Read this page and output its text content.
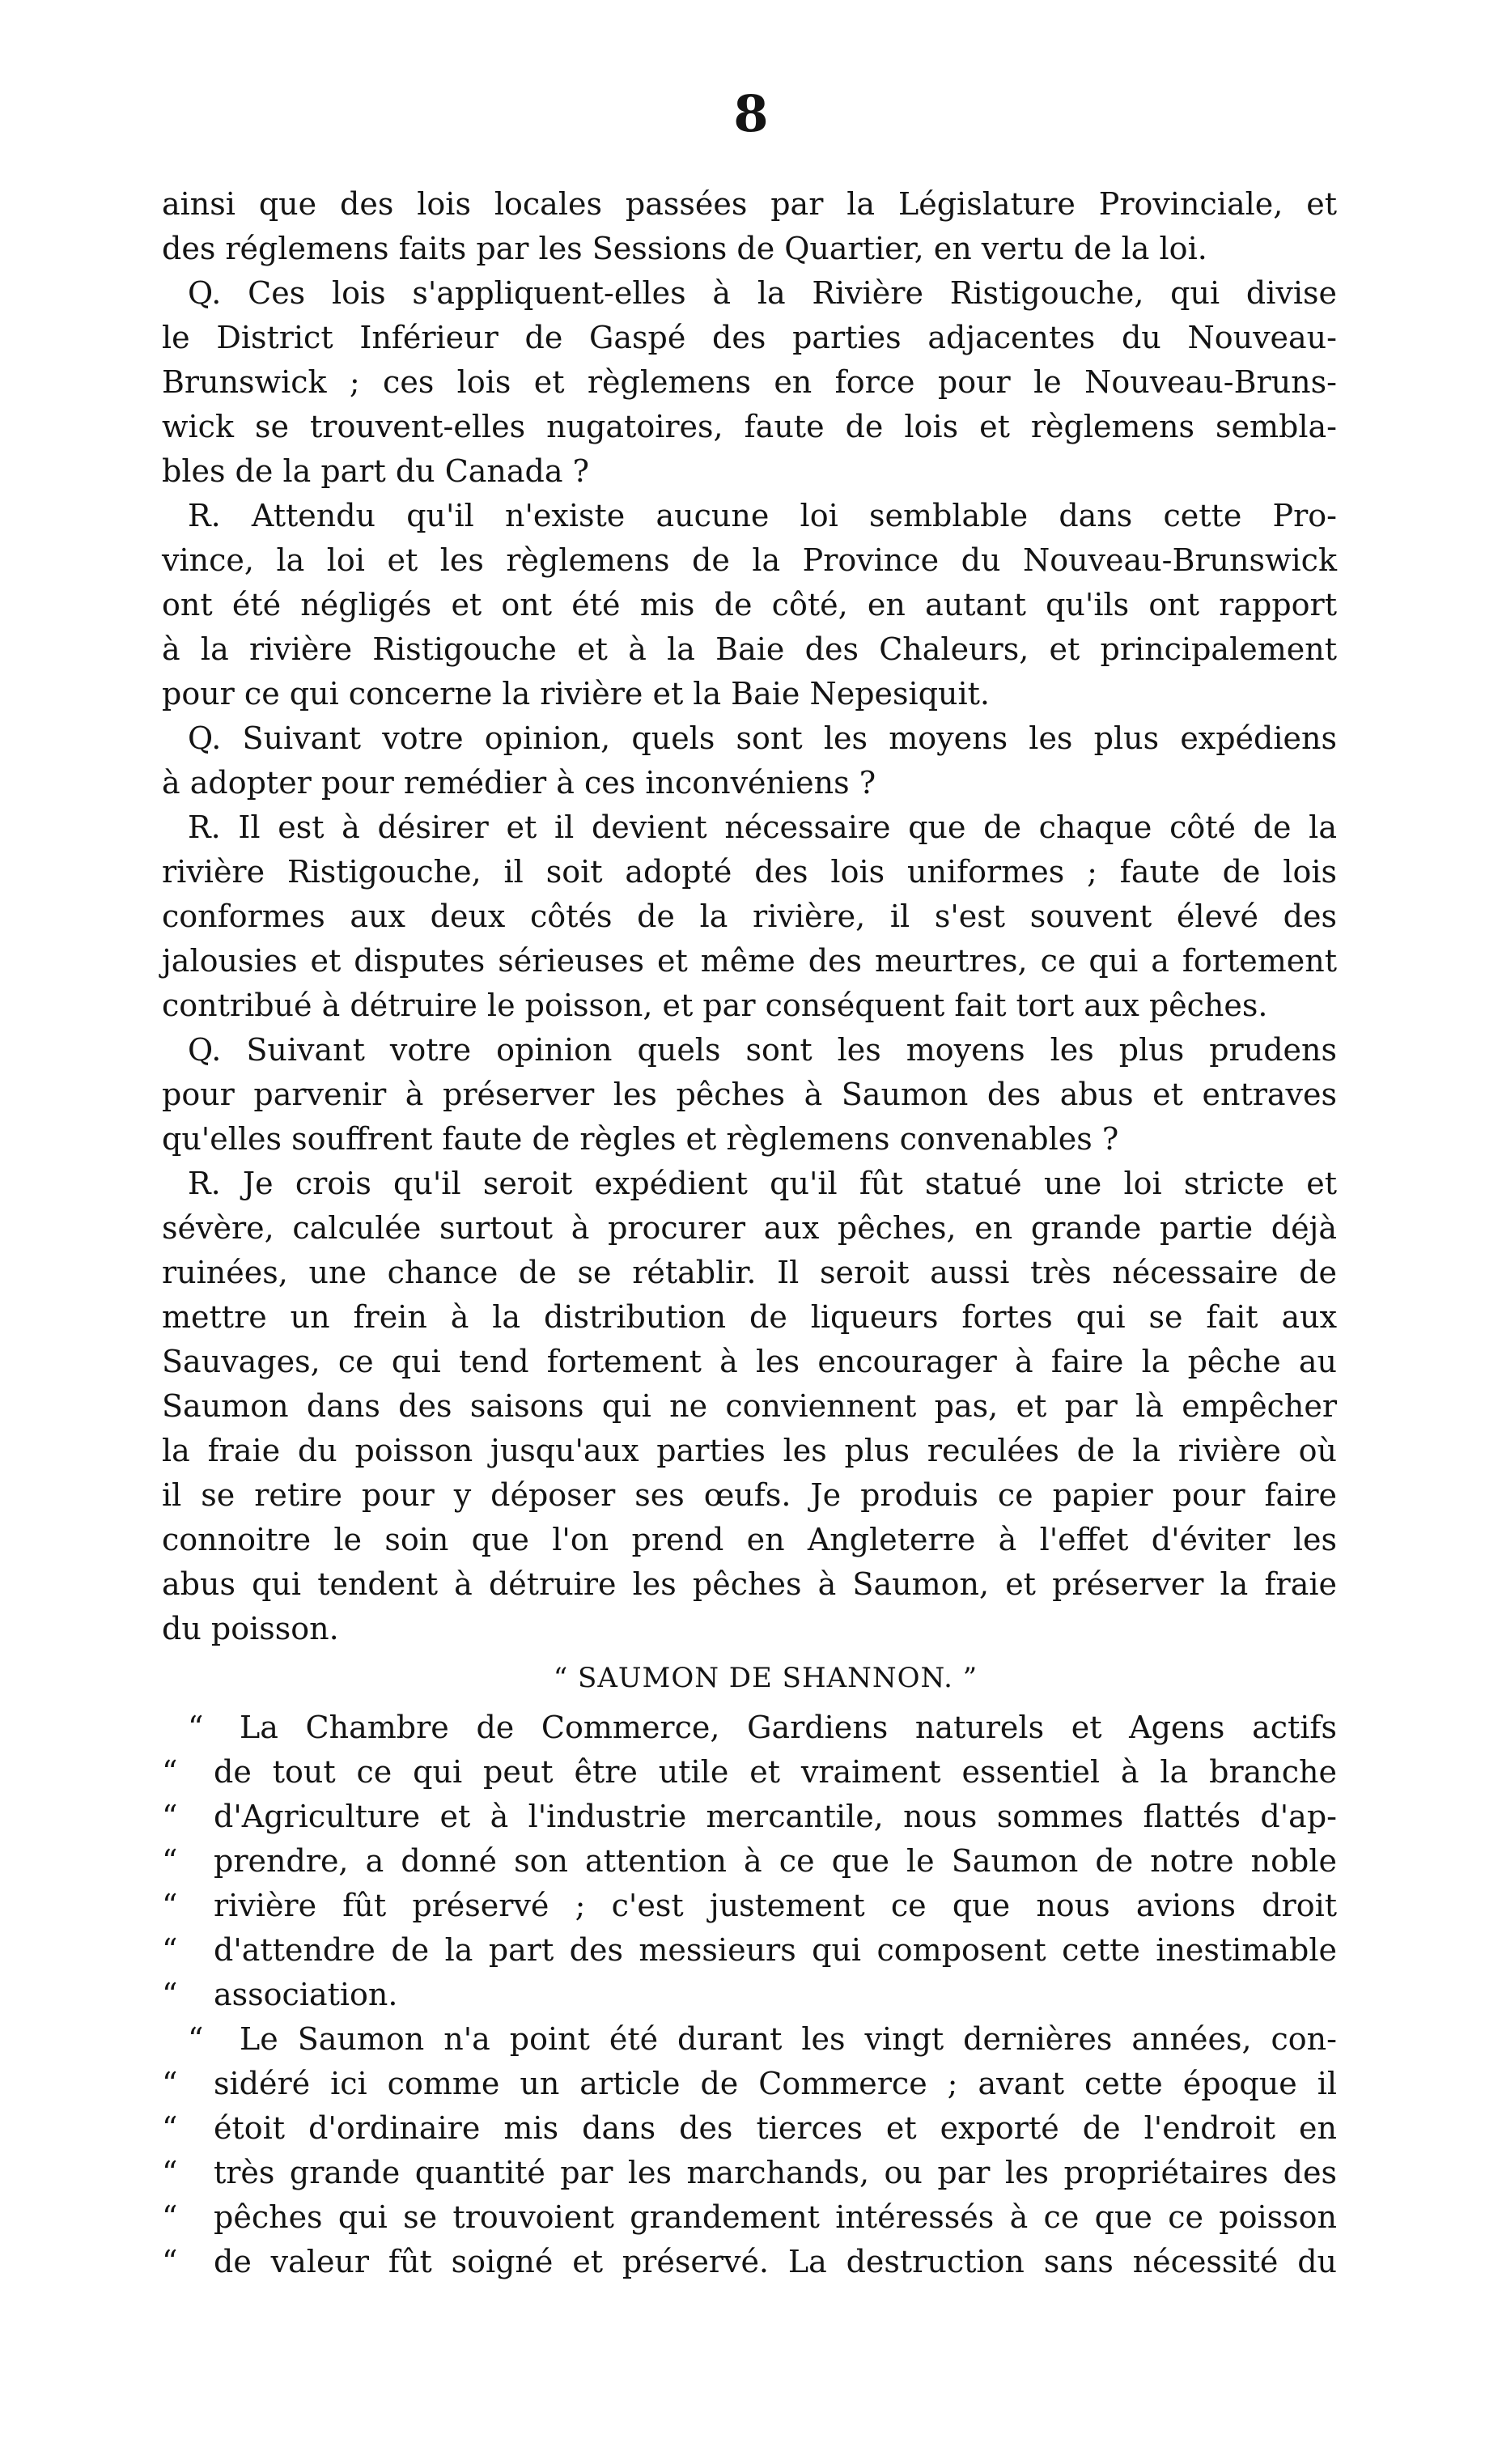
8
ainsi que des lois locales passées par la Législature Provinciale, et
des réglemens faits par les Sessions de Quartier, en vertu de la loi.
Q. Ces lois s'appliquent-elles à la Rivière Ristigouche, qui divise
le District Inférieur de Gaspé des parties adjacentes du Nouveau-
Brunswick ; ces lois et règlemens en force pour le Nouveau-Bruns-
wick se trouvent-elles nugatoires, faute de lois et règlemens sembla-
bles de la part du Canada ?
R. Attendu qu'il n'existe aucune loi semblable dans cette Pro-
vince, la loi et les règlemens de la Province du Nouveau-Brunswick
ont été négligés et ont été mis de côté, en autant qu'ils ont rapport
à la rivière Ristigouche et à la Baie des Chaleurs, et principalement
pour ce qui concerne la rivière et la Baie Nepesiquit.
Q. Suivant votre opinion, quels sont les moyens les plus expédiens
à adopter pour remédier à ces inconvéniens ?
R. Il est à désirer et il devient nécessaire que de chaque côté de la
rivière Ristigouche, il soit adopté des lois uniformes ; faute de lois
conformes aux deux côtés de la rivière, il s'est souvent élevé des
jalousies et disputes sérieuses et même des meurtres, ce qui a fortement
contribué à détruire le poisson, et par conséquent fait tort aux pêches.
Q. Suivant votre opinion quels sont les moyens les plus prudens
pour parvenir à préserver les pêches à Saumon des abus et entraves
qu'elles souffrent faute de règles et règlemens convenables ?
R. Je crois qu'il seroit expédient qu'il fût statué une loi stricte et
sévère, calculée surtout à procurer aux pêches, en grande partie déjà
ruinées, une chance de se rétablir. Il seroit aussi très nécessaire de
mettre un frein à la distribution de liqueurs fortes qui se fait aux
Sauvages, ce qui tend fortement à les encourager à faire la pêche au
Saumon dans des saisons qui ne conviennent pas, et par là empêcher
la fraie du poisson jusqu'aux parties les plus reculées de la rivière où
il se retire pour y déposer ses œufs. Je produis ce papier pour faire
connoitre le soin que l'on prend en Angleterre à l'effet d'éviter les
abus qui tendent à détruire les pêches à Saumon, et préserver la fraie
du poisson.
“ SAUMON DE SHANNON. ”
“	La Chambre de Commerce, Gardiens naturels et Agens actifs
“	de tout ce qui peut être utile et vraiment essentiel à la branche
“	d'Agriculture et à l'industrie mercantile, nous sommes flattés d'ap-
“	prendre, a donné son attention à ce que le Saumon de notre noble
“	rivière fût préservé ; c'est justement ce que nous avions droit
“	d'attendre de la part des messieurs qui composent cette inestimable
“	association.
“	Le Saumon n'a point été durant les vingt dernières années, con-
“	sidéré ici comme un article de Commerce ; avant cette époque il
“	étoit d'ordinaire mis dans des tierces et exporté de l'endroit en
“	très grande quantité par les marchands, ou par les propriétaires des
“	pêches qui se trouvoient grandement intéressés à ce que ce poisson
“	de valeur fût soigné et préservé. La destruction sans nécessité du
